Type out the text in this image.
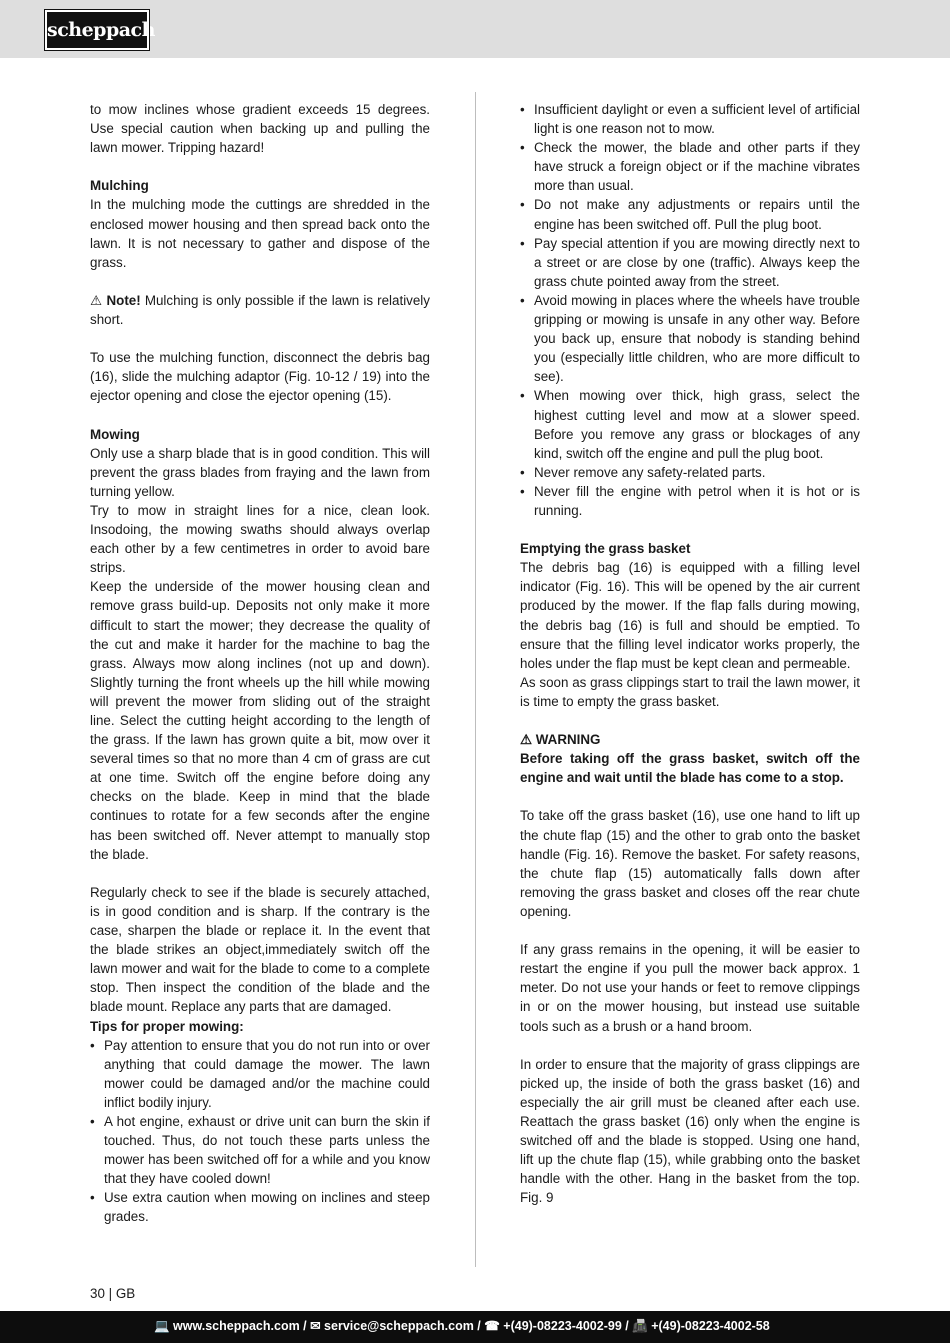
scheppach

to mow inclines whose gradient exceeds 15 degrees. Use special caution when backing up and pulling the lawn mower. Tripping hazard!

Mulching

In the mulching mode the cuttings are shredded in the enclosed mower housing and then spread back onto the lawn. It is not necessary to gather and dispose of the grass.

⚠ Note! Mulching is only possible if the lawn is relatively short.

To use the mulching function, disconnect the debris bag (16), slide the mulching adaptor (Fig. 10-12 / 19) into the ejector opening and close the ejector opening (15).

Mowing

Only use a sharp blade that is in good condition. This will prevent the grass blades from fraying and the lawn from turning yellow.

Try to mow in straight lines for a nice, clean look. Insodoing, the mowing swaths should always overlap each other by a few centimetres in order to avoid bare strips.

Keep the underside of the mower housing clean and remove grass build-up. Deposits not only make it more difficult to start the mower; they decrease the quality of the cut and make it harder for the machine to bag the grass. Always mow along inclines (not up and down). Slightly turning the front wheels up the hill while mowing will prevent the mower from sliding out of the straight line. Select the cutting height according to the length of the grass. If the lawn has grown quite a bit, mow over it several times so that no more than 4 cm of grass are cut at one time. Switch off the engine before doing any checks on the blade. Keep in mind that the blade continues to rotate for a few seconds after the engine has been switched off. Never attempt to manually stop the blade.

Regularly check to see if the blade is securely attached, is in good condition and is sharp. If the contrary is the case, sharpen the blade or replace it. In the event that the blade strikes an object,immediately switch off the lawn mower and wait for the blade to come to a complete stop. Then inspect the condition of the blade and the blade mount. Replace any parts that are damaged.

Tips for proper mowing:

• Pay attention to ensure that you do not run into or over anything that could damage the mower. The lawn mower could be damaged and/or the machine could inflict bodily injury.
• A hot engine, exhaust or drive unit can burn the skin if touched. Thus, do not touch these parts unless the mower has been switched off for a while and you know that they have cooled down!
• Use extra caution when mowing on inclines and steep grades.
• Insufficient daylight or even a sufficient level of artificial light is one reason not to mow.
• Check the mower, the blade and other parts if they have struck a foreign object or if the machine vibrates more than usual.
• Do not make any adjustments or repairs until the engine has been switched off. Pull the plug boot.
• Pay special attention if you are mowing directly next to a street or are close by one (traffic). Always keep the grass chute pointed away from the street.
• Avoid mowing in places where the wheels have trouble gripping or mowing is unsafe in any other way. Before you back up, ensure that nobody is standing behind you (especially little children, who are more difficult to see).
• When mowing over thick, high grass, select the highest cutting level and mow at a slower speed. Before you remove any grass or blockages of any kind, switch off the engine and pull the plug boot.
• Never remove any safety-related parts.
• Never fill the engine with petrol when it is hot or is running.

Emptying the grass basket

The debris bag (16) is equipped with a filling level indicator (Fig. 16). This will be opened by the air current produced by the mower. If the flap falls during mowing, the debris bag (16) is full and should be emptied. To ensure that the filling level indicator works properly, the holes under the flap must be kept clean and permeable.

As soon as grass clippings start to trail the lawn mower, it is time to empty the grass basket.

⚠ WARNING

Before taking off the grass basket, switch off the engine and wait until the blade has come to a stop.

To take off the grass basket (16), use one hand to lift up the chute flap (15) and the other to grab onto the basket handle (Fig. 16). Remove the basket. For safety reasons, the chute flap (15) automatically falls down after removing the grass basket and closes off the rear chute opening.

If any grass remains in the opening, it will be easier to restart the engine if you pull the mower back approx. 1 meter. Do not use your hands or feet to remove clippings in or on the mower housing, but instead use suitable tools such as a brush or a hand broom.

In order to ensure that the majority of grass clippings are picked up, the inside of both the grass basket (16) and especially the air grill must be cleaned after each use. Reattach the grass basket (16) only when the engine is switched off and the blade is stopped. Using one hand, lift up the chute flap (15), while grabbing onto the basket handle with the other. Hang in the basket from the top. Fig. 9

30 | GB
💻 www.scheppach.com / ✉ service@scheppach.com / ☎ +(49)-08223-4002-99 / 📠 +(49)-08223-4002-58
